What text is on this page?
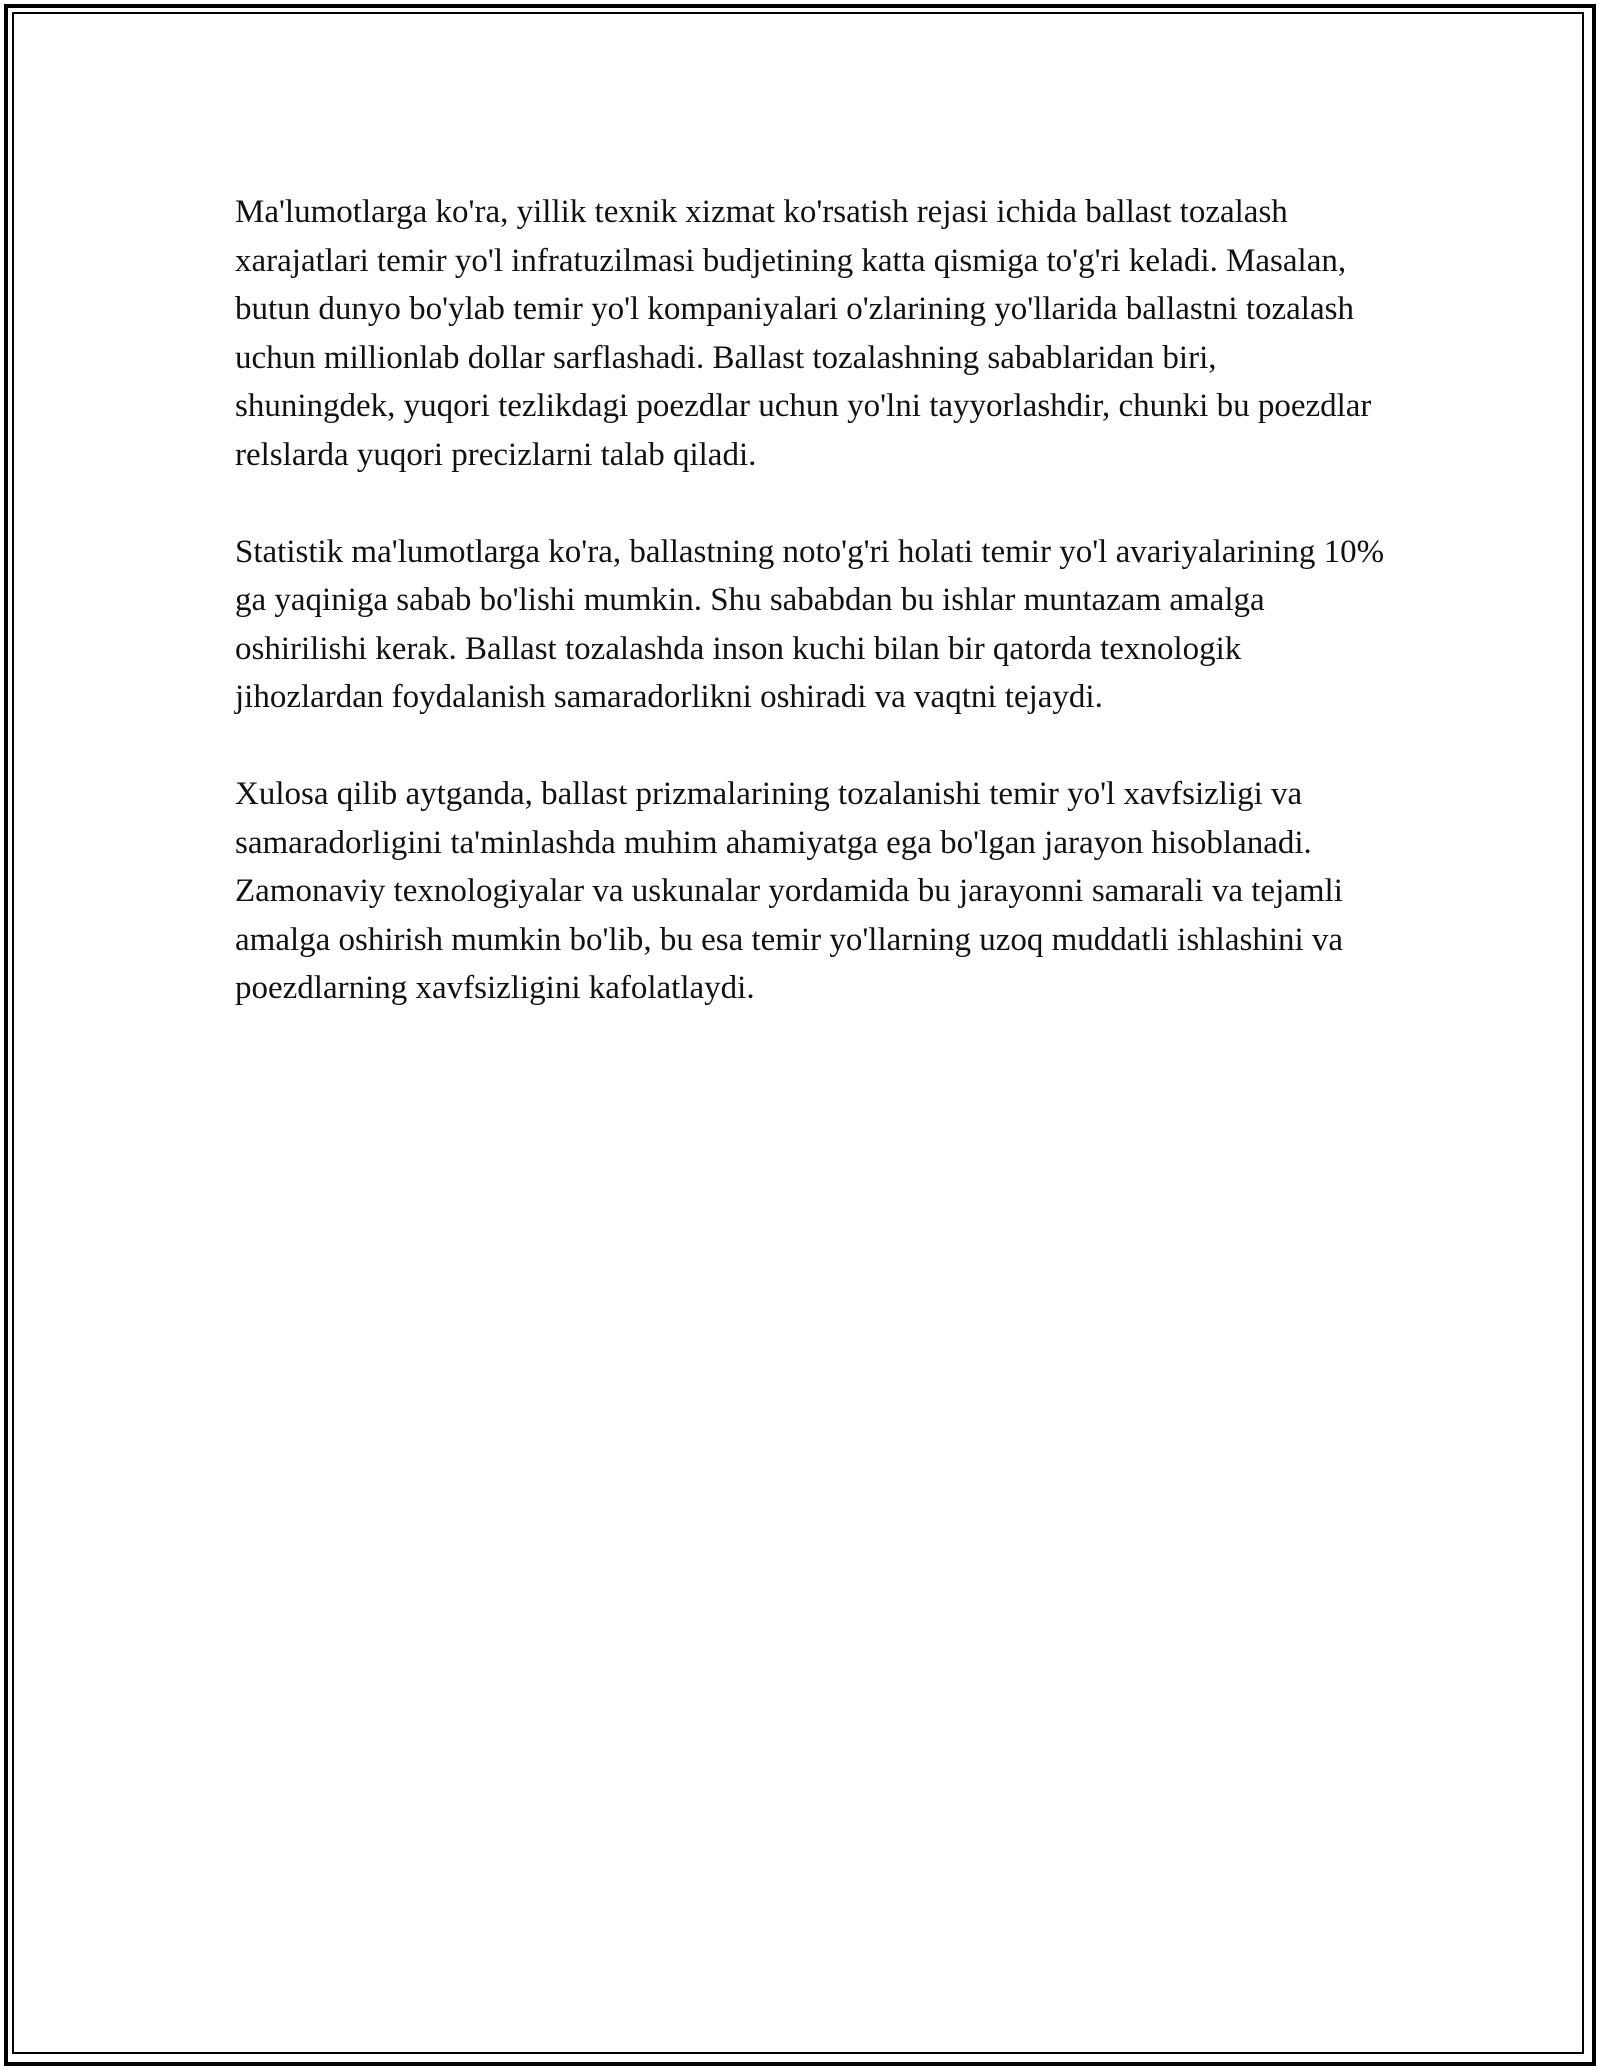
Ma'lumotlarga ko'ra, yillik texnik xizmat ko'rsatish rejasi ichida ballast tozalash xarajatlari temir yo'l infratuzilmasi budjetining katta qismiga to'g'ri keladi. Masalan, butun dunyo bo'ylab temir yo'l kompaniyalari o'zlarining yo'llarida ballastni tozalash uchun millionlab dollar sarflashadi. Ballast tozalashning sabablaridan biri, shuningdek, yuqori tezlikdagi poezdlar uchun yo'lni tayyorlashdir, chunki bu poezdlar relslarda yuqori precizlarni talab qiladi.

Statistik ma'lumotlarga ko'ra, ballastning noto'g'ri holati temir yo'l avariyalarining 10% ga yaqiniga sabab bo'lishi mumkin. Shu sababdan bu ishlar muntazam amalga oshirilishi kerak. Ballast tozalashda inson kuchi bilan bir qatorda texnologik jihozlardan foydalanish samaradorlikni oshiradi va vaqtni tejaydi.

Xulosa qilib aytganda, ballast prizmalarining tozalanishi temir yo'l xavfsizligi va samaradorligini ta'minlashda muhim ahamiyatga ega bo'lgan jarayon hisoblanadi. Zamonaviy texnologiyalar va uskunalar yordamida bu jarayonni samarali va tejamli amalga oshirish mumkin bo'lib, bu esa temir yo'llarning uzoq muddatli ishlashini va poezdlarning xavfsizligini kafolatlaydi.
